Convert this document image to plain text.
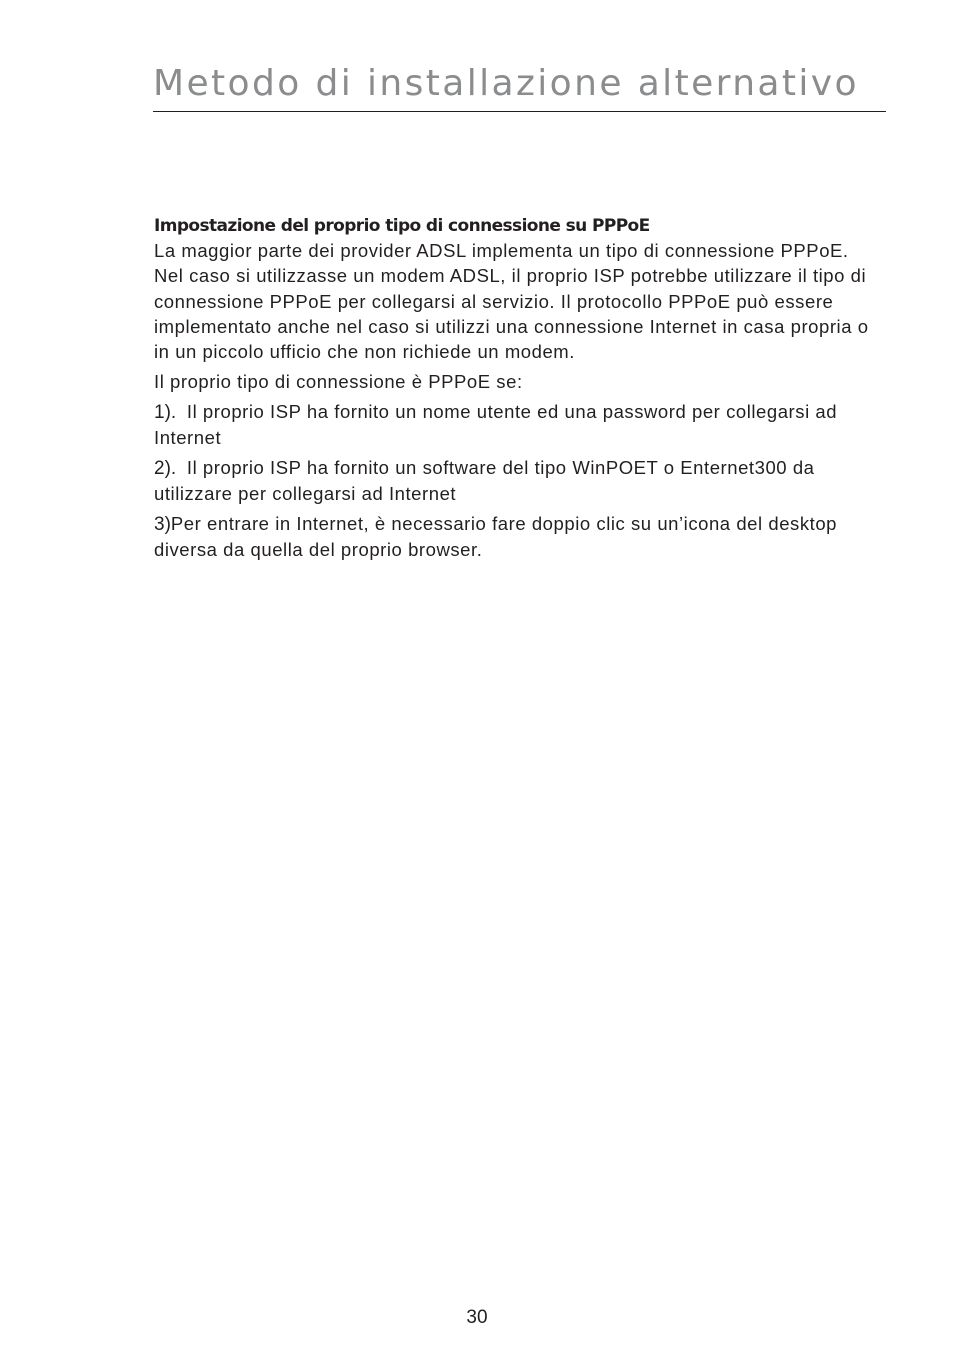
Metodo di installazione alternativo
Impostazione del proprio tipo di connessione su PPPoE

La maggior parte dei provider ADSL implementa un tipo di connessione PPPoE. Nel caso si utilizzasse un modem ADSL, il proprio ISP potrebbe utilizzare il tipo di connessione PPPoE per collegarsi al servizio. Il protocollo PPPoE può essere implementato anche nel caso si utilizzi una connessione Internet in casa propria o in un piccolo ufficio che non richiede un modem.

Il proprio tipo di connessione è PPPoE se:

1). Il proprio ISP ha fornito un nome utente ed una password per collegarsi ad Internet

2). Il proprio ISP ha fornito un software del tipo WinPOET o Enternet300 da utilizzare per collegarsi ad Internet

3)Per entrare in Internet, è necessario fare doppio clic su un’icona del desktop diversa da quella del proprio browser.

30
